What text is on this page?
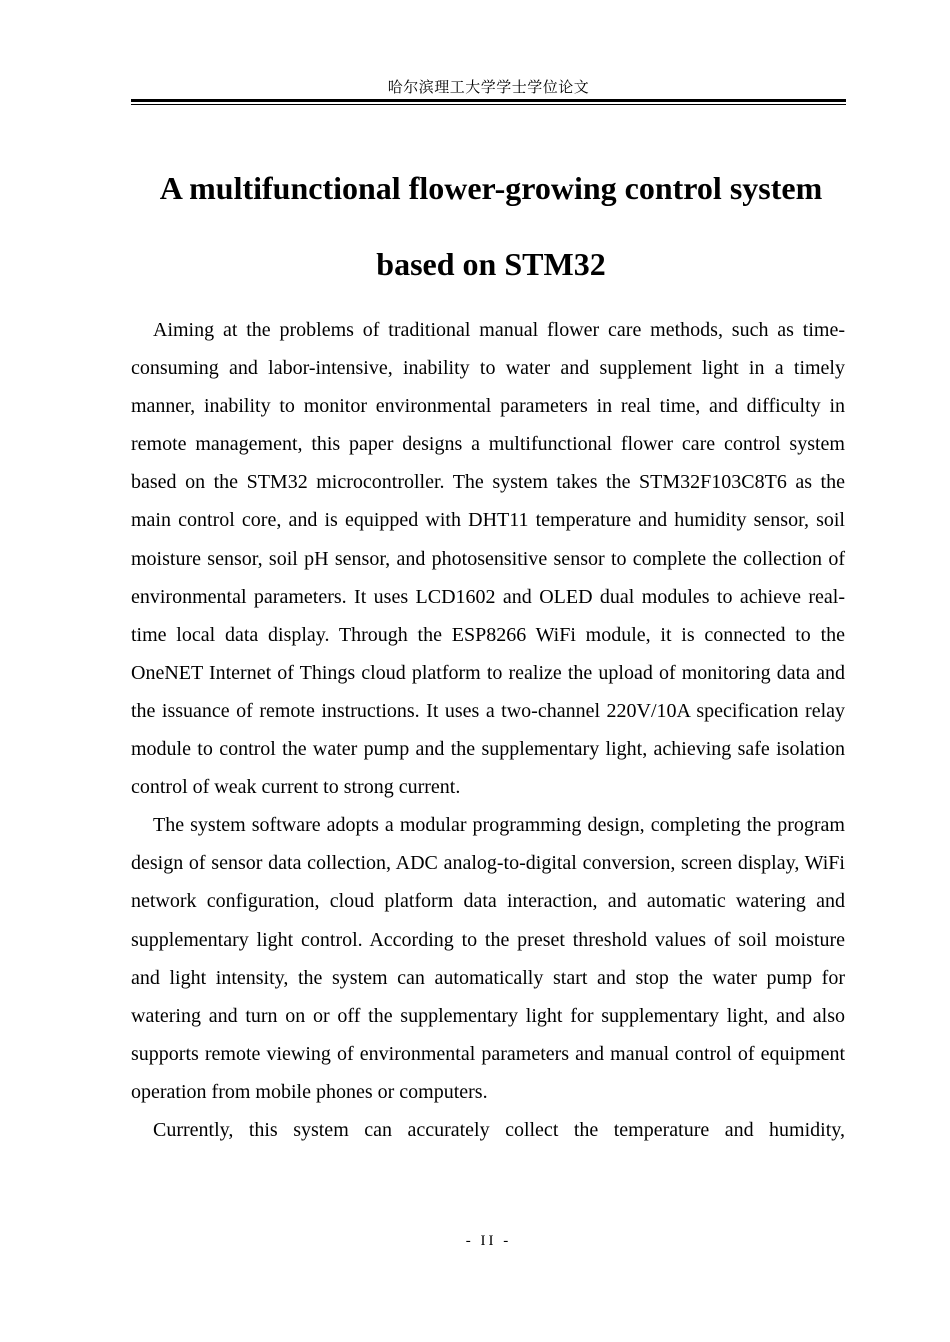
哈尔滨理工大学学士学位论文
A multifunctional flower-growing control system
based on STM32

Aiming at the problems of traditional manual flower care methods, such as time-consuming and labor-intensive, inability to water and supplement light in a timely manner, inability to monitor environmental parameters in real time, and difficulty in remote management, this paper designs a multifunctional flower care control system based on the STM32 microcontroller. The system takes the STM32F103C8T6 as the main control core, and is equipped with DHT11 temperature and humidity sensor, soil moisture sensor, soil pH sensor, and photosensitive sensor to complete the collection of environmental parameters. It uses LCD1602 and OLED dual modules to achieve real-time local data display. Through the ESP8266 WiFi module, it is connected to the OneNET Internet of Things cloud platform to realize the upload of monitoring data and the issuance of remote instructions. It uses a two-channel 220V/10A specification relay module to control the water pump and the supplementary light, achieving safe isolation control of weak current to strong current.

The system software adopts a modular programming design, completing the program design of sensor data collection, ADC analog-to-digital conversion, screen display, WiFi network configuration, cloud platform data interaction, and automatic watering and supplementary light control. According to the preset threshold values of soil moisture and light intensity, the system can automatically start and stop the water pump for watering and turn on or off the supplementary light for supplementary light, and also supports remote viewing of environmental parameters and manual control of equipment operation from mobile phones or computers.

Currently, this system can accurately collect the temperature and humidity,

- II -
